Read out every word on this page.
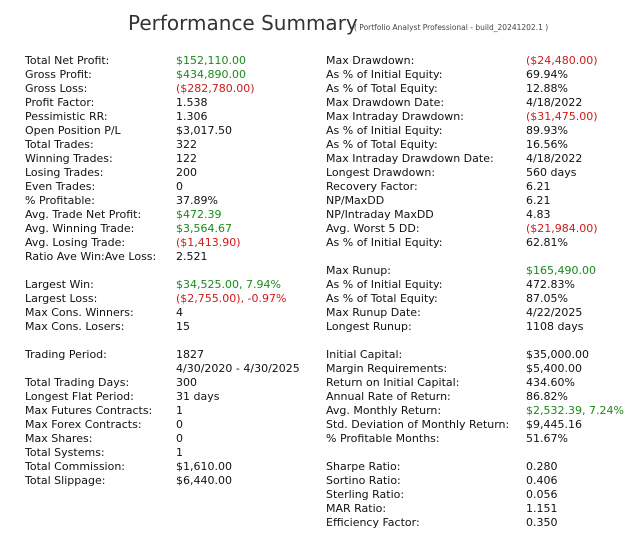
Performance Summary
( Portfolio Analyst Professional - build_20241202.1 )
Total Net Profit:	$152,110.00
Gross Profit:	$434,890.00
Gross Loss:	($282,780.00)
Profit Factor:	1.538
Pessimistic RR:	1.306
Open Position P/L	$3,017.50
Total Trades:	322
Winning Trades:	122
Losing Trades:	200
Even Trades:	0
% Profitable:	37.89%
Avg. Trade Net Profit:	$472.39
Avg. Winning Trade:	$3,564.67
Avg. Losing Trade:	($1,413.90)
Ratio Ave Win:Ave Loss: 2.521
Largest Win:	$34,525.00, 7.94%
Largest Loss:	($2,755.00), -0.97%
Max Cons. Winners:	4
Max Cons. Losers:	15
Trading Period:	1827
4/30/2020 - 4/30/2025
Total Trading Days:	300
Longest Flat Period:	31 days
Max Futures Contracts: 1
Max Forex Contracts:	0
Max Shares:	0
Total Systems:	1
Total Commission:	$1,610.00
Total Slippage:	$6,440.00
Max Drawdown:	($24,480.00)
As % of Initial Equity:	69.94%
As % of Total Equity:	12.88%
Max Drawdown Date:	4/18/2022
Max Intraday Drawdown:	($31,475.00)
As % of Initial Equity:	89.93%
As % of Total Equity:	16.56%
Max Intraday Drawdown Date:	4/18/2022
Longest Drawdown:	560 days
Recovery Factor:	6.21
NP/MaxDD	6.21
NP/Intraday MaxDD	4.83
Avg. Worst 5 DD:	($21,984.00)
As % of Initial Equity:	62.81%
Max Runup:	$165,490.00
As % of Initial Equity:	472.83%
As % of Total Equity:	87.05%
Max Runup Date:	4/22/2025
Longest Runup:	1108 days
Initial Capital:	$35,000.00
Margin Requirements:	$5,400.00
Return on Initial Capital:	434.60%
Annual Rate of Return:	86.82%
Avg. Monthly Return:	$2,532.39, 7.24%
Std. Deviation of Monthly Return: $9,445.16
% Profitable Months:	51.67%
Sharpe Ratio:	0.280
Sortino Ratio:	0.406
Sterling Ratio:	0.056
MAR Ratio:	1.151
Efficiency Factor:	0.350
